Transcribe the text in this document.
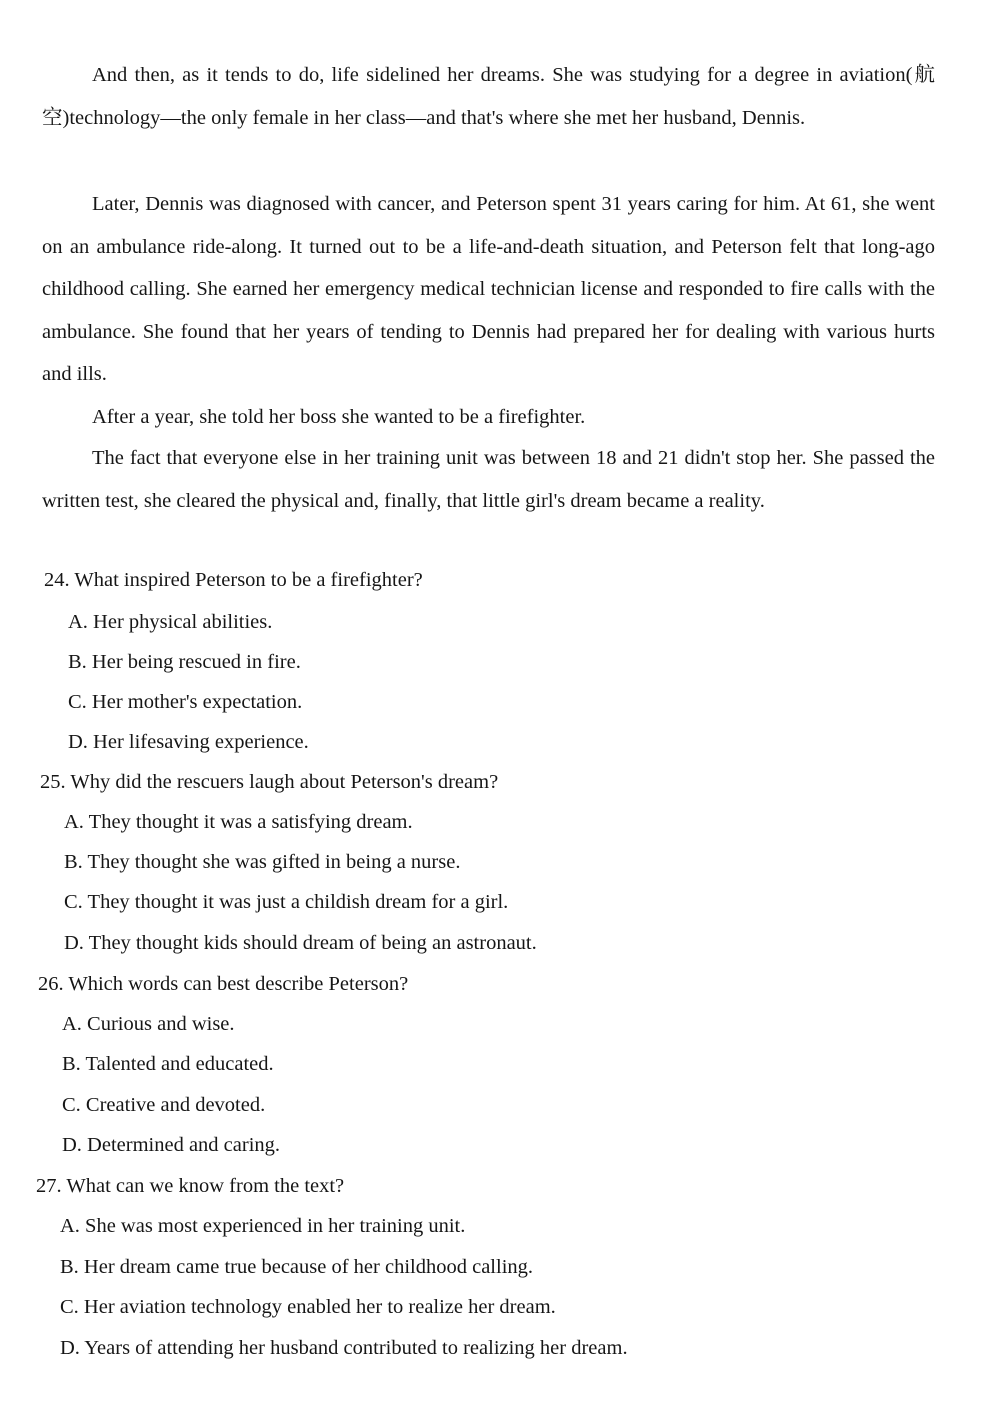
And then, as it tends to do, life sidelined her dreams. She was studying for a degree in aviation(航空)technology—the only female in her class—and that's where she met her husband, Dennis.

Later, Dennis was diagnosed with cancer, and Peterson spent 31 years caring for him. At 61, she went on an ambulance ride-along. It turned out to be a life-and-death situation, and Peterson felt that long-ago childhood calling. She earned her emergency medical technician license and responded to fire calls with the ambulance. She found that her years of tending to Dennis had prepared her for dealing with various hurts and ills.

After a year, she told her boss she wanted to be a firefighter.

The fact that everyone else in her training unit was between 18 and 21 didn't stop her. She passed the written test, she cleared the physical and, finally, that little girl's dream became a reality.

24. What inspired Peterson to be a firefighter?
A. Her physical abilities.
B. Her being rescued in fire.
C. Her mother's expectation.
D. Her lifesaving experience.
25. Why did the rescuers laugh about Peterson's dream?
A. They thought it was a satisfying dream.
B. They thought she was gifted in being a nurse.
C. They thought it was just a childish dream for a girl.
D. They thought kids should dream of being an astronaut.
26. Which words can best describe Peterson?
A. Curious and wise.
B. Talented and educated.
C. Creative and devoted.
D. Determined and caring.
27. What can we know from the text?
A. She was most experienced in her training unit.
B. Her dream came true because of her childhood calling.
C. Her aviation technology enabled her to realize her dream.
D. Years of attending her husband contributed to realizing her dream.
